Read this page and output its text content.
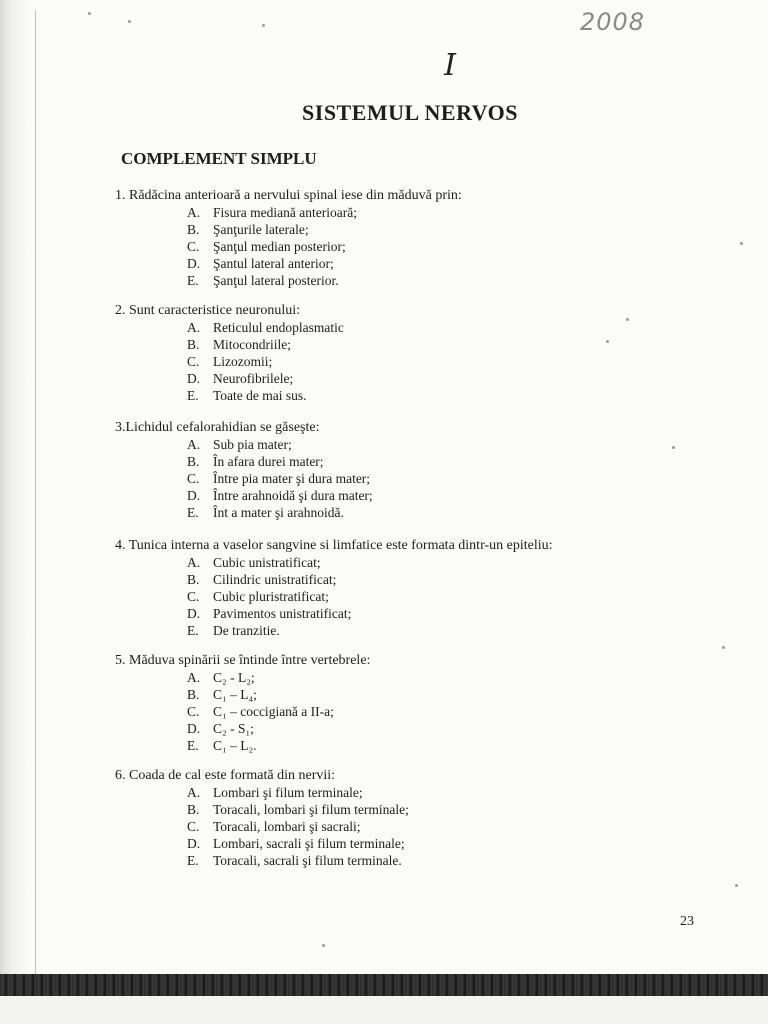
2008
I
SISTEMUL NERVOS
COMPLEMENT SIMPLU
1. Rădăcina anterioară a nervului spinal iese din măduvă prin:
A. Fisura mediană anterioară;
B. Şanţurile laterale;
C. Şanţul median posterior;
D. Şantul lateral anterior;
E. Şanţul lateral posterior.
2. Sunt caracteristice neuronului:
A. Reticulul endoplasmatic
B. Mitocondriile;
C. Lizozomii;
D. Neurofibrilele;
E. Toate de mai sus.
3.Lichidul cefalorahidian se găseşte:
A. Sub pia mater;
B. În afara durei mater;
C. Între pia mater şi dura mater;
D. Între arahnoidă şi dura mater;
E. Înt a mater şi arahnoidă.
4. Tunica interna a vaselor sangvine si limfatice este formata dintr-un epiteliu:
A. Cubic unistratificat;
B. Cilindric unistratificat;
C. Cubic pluristratificat;
D. Pavimentos unistratificat;
E. De tranzitie.
5. Măduva spinării se întinde între vertebrele:
A. C₂ - L₂;
B. C₁ – L₄;
C. C₁ – coccigiană a II-a;
D. C₂ - S₁;
E. C₁ – L₂.
6. Coada de cal este formată din nervii:
A. Lombari şi filum terminale;
B. Toracali, lombari şi filum terminale;
C. Toracali, lombari şi sacrali;
D. Lombari, sacrali şi filum terminale;
E. Toracali, sacrali şi filum terminale.
23
